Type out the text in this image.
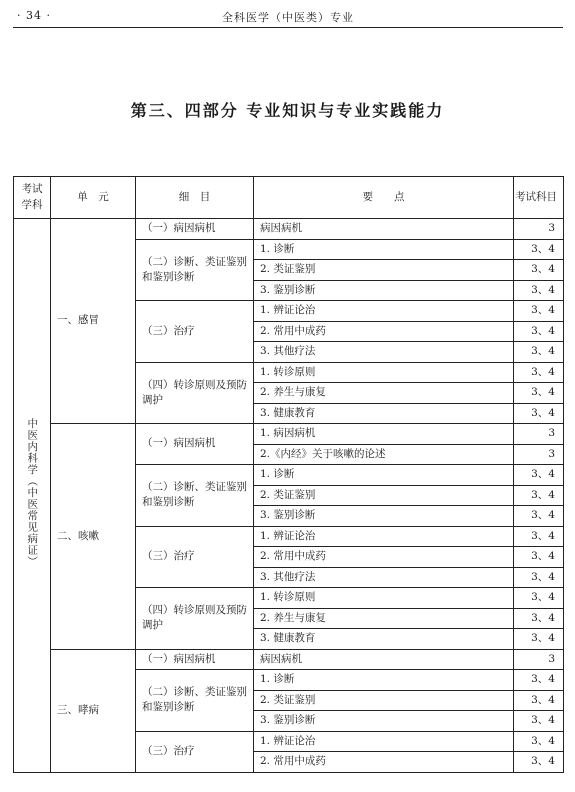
· 34 ·	全科医学（中医类）专业
第三、四部分 专业知识与专业实践能力
考试学科	单　元	细　目	要　　点	考试科目
中医内科学（中医常见病证）	一、感冒	（一）病因病机	病因病机	3
		（二）诊断、类证鉴别和鉴别诊断	1. 诊断	3、4
			2. 类证鉴别	3、4
			3. 鉴别诊断	3、4
		（三）治疗	1. 辨证论治	3、4
			2. 常用中成药	3、4
			3. 其他疗法	3、4
		（四）转诊原则及预防调护	1. 转诊原则	3、4
			2. 养生与康复	3、4
			3. 健康教育	3、4
	二、咳嗽	（一）病因病机	1. 病因病机	3
			2.《内经》关于咳嗽的论述	3
		（二）诊断、类证鉴别和鉴别诊断	1. 诊断	3、4
			2. 类证鉴别	3、4
			3. 鉴别诊断	3、4
		（三）治疗	1. 辨证论治	3、4
			2. 常用中成药	3、4
			3. 其他疗法	3、4
		（四）转诊原则及预防调护	1. 转诊原则	3、4
			2. 养生与康复	3、4
			3. 健康教育	3、4
	三、哮病	（一）病因病机	病因病机	3
		（二）诊断、类证鉴别和鉴别诊断	1. 诊断	3、4
			2. 类证鉴别	3、4
			3. 鉴别诊断	3、4
		（三）治疗	1. 辨证论治	3、4
			2. 常用中成药	3、4
